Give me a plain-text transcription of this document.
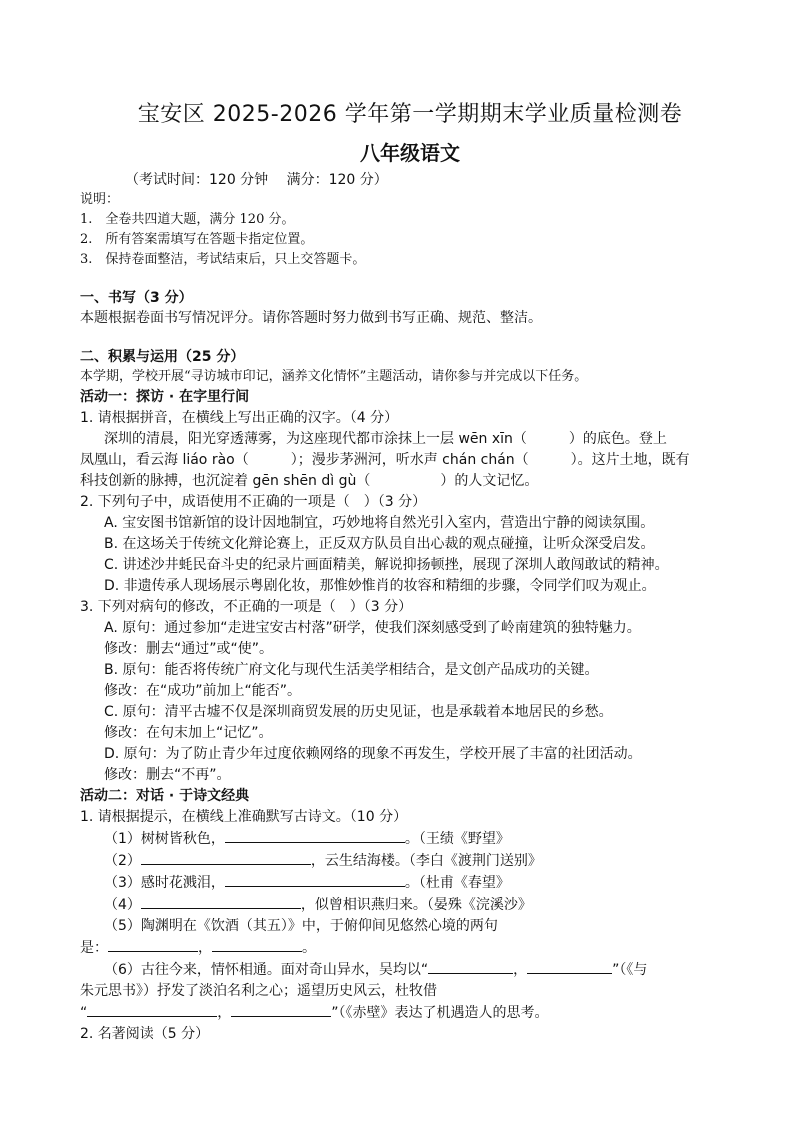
宝安区 2025-2026 学年第一学期期末学业质量检测卷
八年级语文

（考试时间：120 分钟　 满分：120 分）

说明：

1.　全卷共四道大题，满分 120 分。

2.　所有答案需填写在答题卡指定位置。

3.　保持卷面整洁，考试结束后，只上交答题卡。

一、书写（3 分）

本题根据卷面书写情况评分。请你答题时努力做到书写正确、规范、整洁。

二、积累与运用（25 分）

本学期，学校开展“寻访城市印记，涵养文化情怀”主题活动，请你参与并完成以下任务。

活动一：探访 · 在字里行间

1. 请根据拼音，在横线上写出正确的汉字。（4 分）

深圳的清晨，阳光穿透薄雾，为这座现代都市涂抹上一层 wēn xīn（　　　）的底色。登上

凤凰山，看云海 liáo rào（　　　）；漫步茅洲河，听水声 chán chán（　　　）。这片土地，既有

科技创新的脉搏，也沉淀着 gēn shēn dì gù（　　　　　）的人文记忆。

2. 下列句子中，成语使用不正确的一项是（　）（3 分）

A. 宝安图书馆新馆的设计因地制宜，巧妙地将自然光引入室内，营造出宁静的阅读氛围。

B. 在这场关于传统文化辩论赛上，正反双方队员自出心裁的观点碰撞，让听众深受启发。

C. 讲述沙井蚝民奋斗史的纪录片画面精美，解说抑扬顿挫，展现了深圳人敢闯敢试的精神。

D. 非遗传承人现场展示粤剧化妆，那惟妙惟肖的妆容和精细的步骤，令同学们叹为观止。

3. 下列对病句的修改，不正确的一项是（　）（3 分）

A. 原句：通过参加“走进宝安古村落”研学，使我们深刻感受到了岭南建筑的独特魅力。

修改：删去“通过”或“使”。

B. 原句：能否将传统广府文化与现代生活美学相结合，是文创产品成功的关键。

修改：在“成功”前加上“能否”。

C. 原句：清平古墟不仅是深圳商贸发展的历史见证，也是承载着本地居民的乡愁。

修改：在句末加上“记忆”。

D. 原句：为了防止青少年过度依赖网络的现象不再发生，学校开展了丰富的社团活动。

修改：删去“不再”。

活动二：对话 · 于诗文经典

1. 请根据提示，在横线上准确默写古诗文。（10 分）

（1）树树皆秋色，	。（王绩《野望》

（2）	，云生结海楼。（李白《渡荆门送别》

（3）感时花溅泪，	。（杜甫《春望》

（4）	，似曾相识燕归来。（晏殊《浣溪沙》

（5）陶渊明在《饮酒（其五）》中，于俯仰间见悠然心境的两句

是：	，	。

（6）古往今来，情怀相通。面对奇山异水，吴均以“	，	”（《与

朱元思书》）抒发了淡泊名利之心；遥望历史风云，杜牧借

“	，	”（《赤壁》表达了机遇造人的思考。

2. 名著阅读（5 分）
